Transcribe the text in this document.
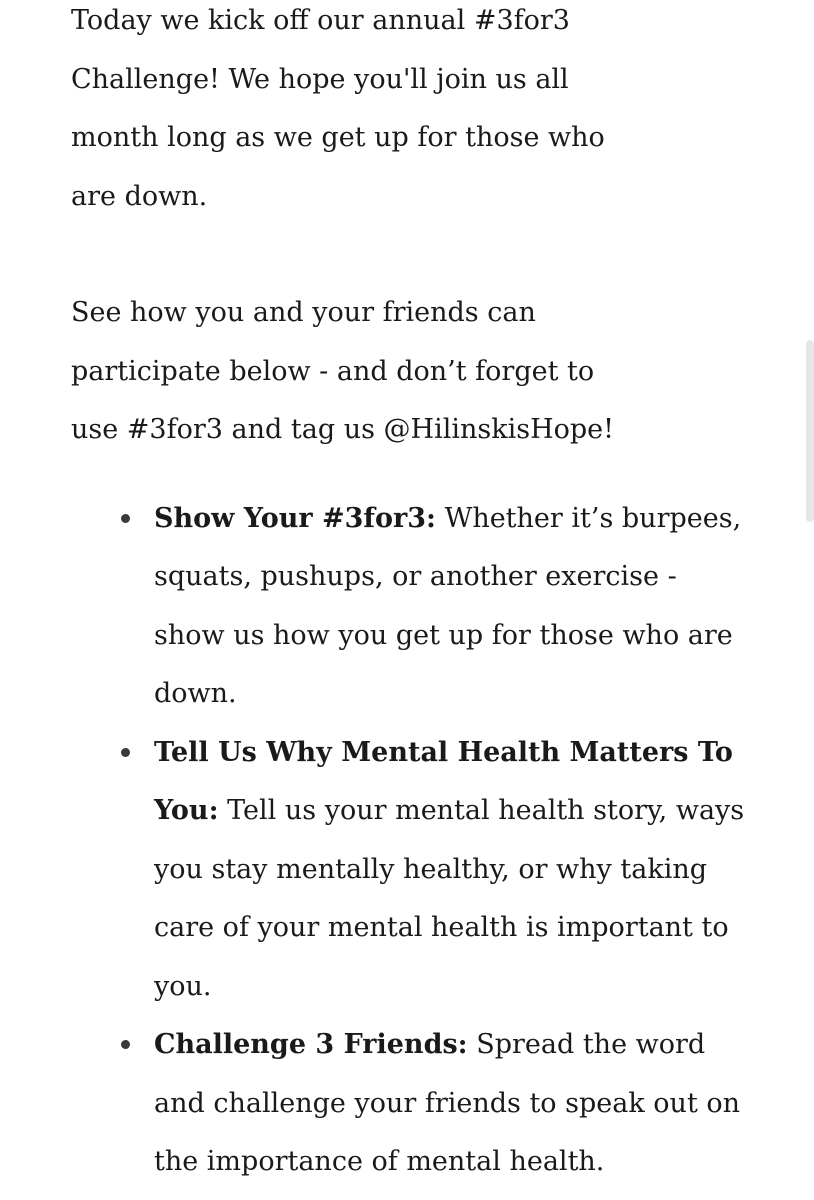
Today we kick off our annual #3for3
Challenge! We hope you'll join us all
month long as we get up for those who
are down.

See how you and your friends can
participate below - and don’t forget to
use #3for3 and tag us @HilinskisHope!

Show Your #3for3: Whether it’s burpees, squats, pushups, or another exercise - show us how you get up for those who are down.
Tell Us Why Mental Health Matters To You: Tell us your mental health story, ways you stay mentally healthy, or why taking care of your mental health is important to you.
Challenge 3 Friends: Spread the word and challenge your friends to speak out on the importance of mental health.
